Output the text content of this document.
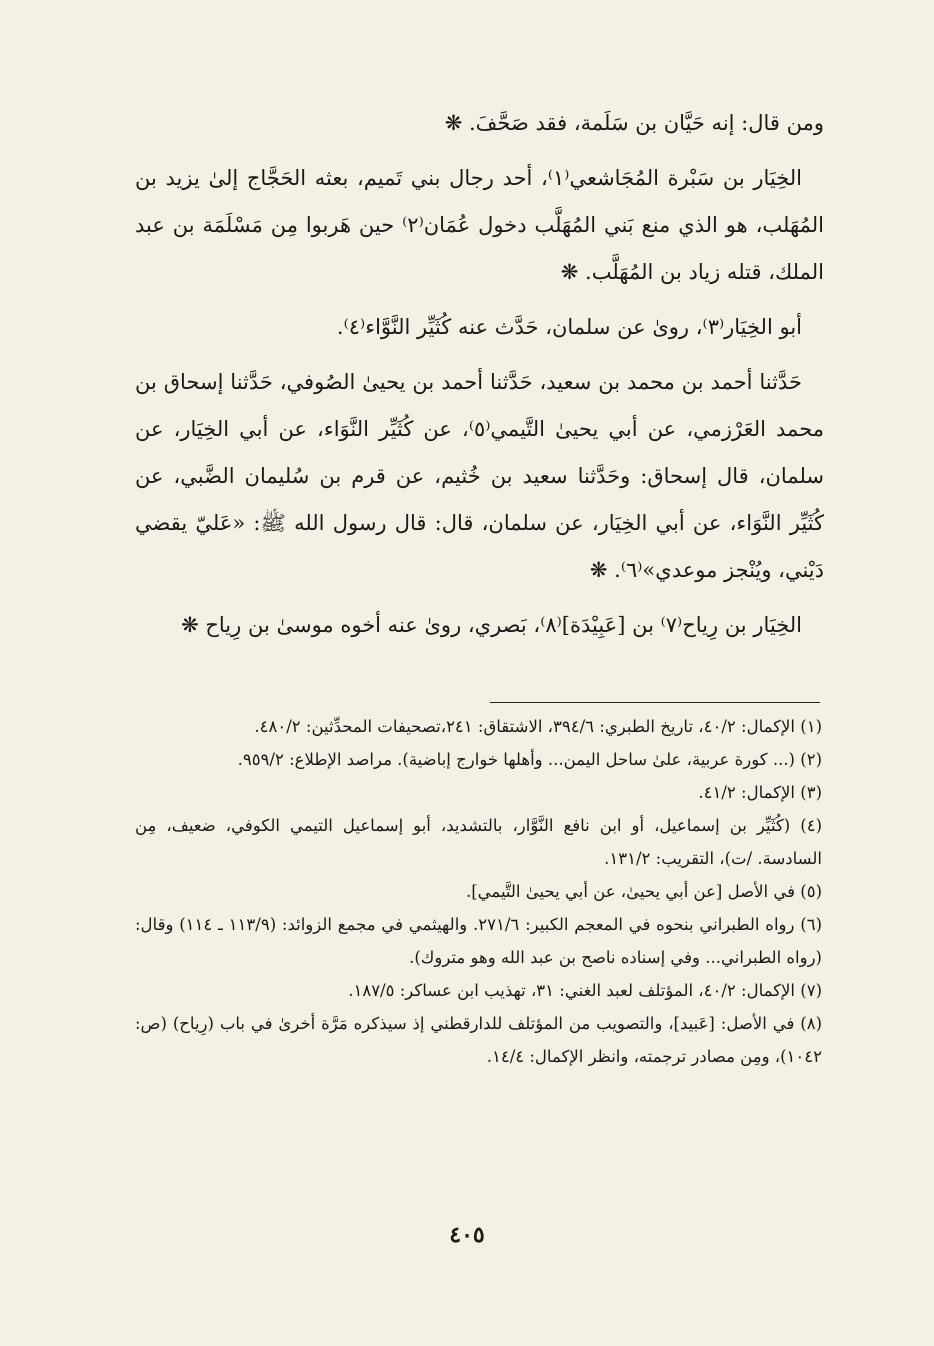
ومن قال: إنه حَيَّان بن سَلَمة، فقد صَحَّفَ. ❋

الخِيَار بن سَبْرة المُجَاشعي⁽١⁾، أحد رجال بني تَميم، بعثه الحَجَّاج إلىٰ يزيد بن المُهَلب، هو الذي منع بَني المُهَلَّب دخول عُمَان⁽٢⁾ حين هَربوا مِن مَسْلَمَة بن عبد الملك، قتله زياد بن المُهَلَّب. ❋

أبو الخِيَار⁽٣⁾، روىٰ عن سلمان، حَدَّث عنه كُثَيِّر النَّوَّاء⁽٤⁾.

حَدَّثنا أحمد بن محمد بن سعيد، حَدَّثنا أحمد بن يحيىٰ الصُوفي، حَدَّثنا إسحاق بن محمد العَرْزمي، عن أبي يحيىٰ التَّيمي⁽٥⁾، عن كُثَيِّر النَّوَاء، عن أبي الخِيَار، عن سلمان، قال إسحاق: وحَدَّثنا سعيد بن خُثيم، عن قرم بن سُليمان الضَّبي، عن كُثَيِّر النَّوَاء، عن أبي الخِيَار، عن سلمان، قال: قال رسول الله ﷺ: «عَليّ يقضي دَيْني، ويُنْجز موعدي»⁽٦⁾. ❋

الخِيَار بن رِياح⁽٧⁾ بن [عَبِيْدَة]⁽٨⁾، بَصري، روىٰ عنه أخوه موسىٰ بن رِياح ❋

(١) الإكمال: ٤٠/٢، تاريخ الطبري: ٣٩٤/٦، الاشتقاق: ٢٤١،تصحيفات المحدِّثين: ٤٨٠/٢.

(٢) (... كورة عربية، علىٰ ساحل اليمن... وأهلها خوارج إباضية). مراصد الإطلاع: ٩٥٩/٢.

(٣) الإكمال: ٤١/٢.

(٤) (كُثَيِّر بن إسماعيل، أو ابن نافع النَّوَّار، بالتشديد، أبو إسماعيل التيمي الكوفي، ضعيف، مِن السادسة. /ت)، التقريب: ١٣١/٢.

(٥) في الأصل [عن أبي يحيىٰ، عن أبي يحيىٰ التَّيمي].

(٦) رواه الطبراني بنحوه في المعجم الكبير: ٢٧١/٦. والهيثمي في مجمع الزوائد: (١١٣/٩ ـ ١١٤) وقال: (رواه الطبراني... وفي إسناده ناصح بن عبد الله وهو متروك).

(٧) الإكمال: ٤٠/٢، المؤتلف لعبد الغني: ٣١، تهذيب ابن عساكر: ١٨٧/٥.

(٨) في الأصل: [عَبيد]، والتصويب من المؤتلف للدارقطني إذ سيذكره مَرَّة أخرىٰ في باب (رِياح) (ص: ١٠٤٢)، ومِن مصادر ترجمته، وانظر الإكمال: ١٤/٤.

٤٠٥
